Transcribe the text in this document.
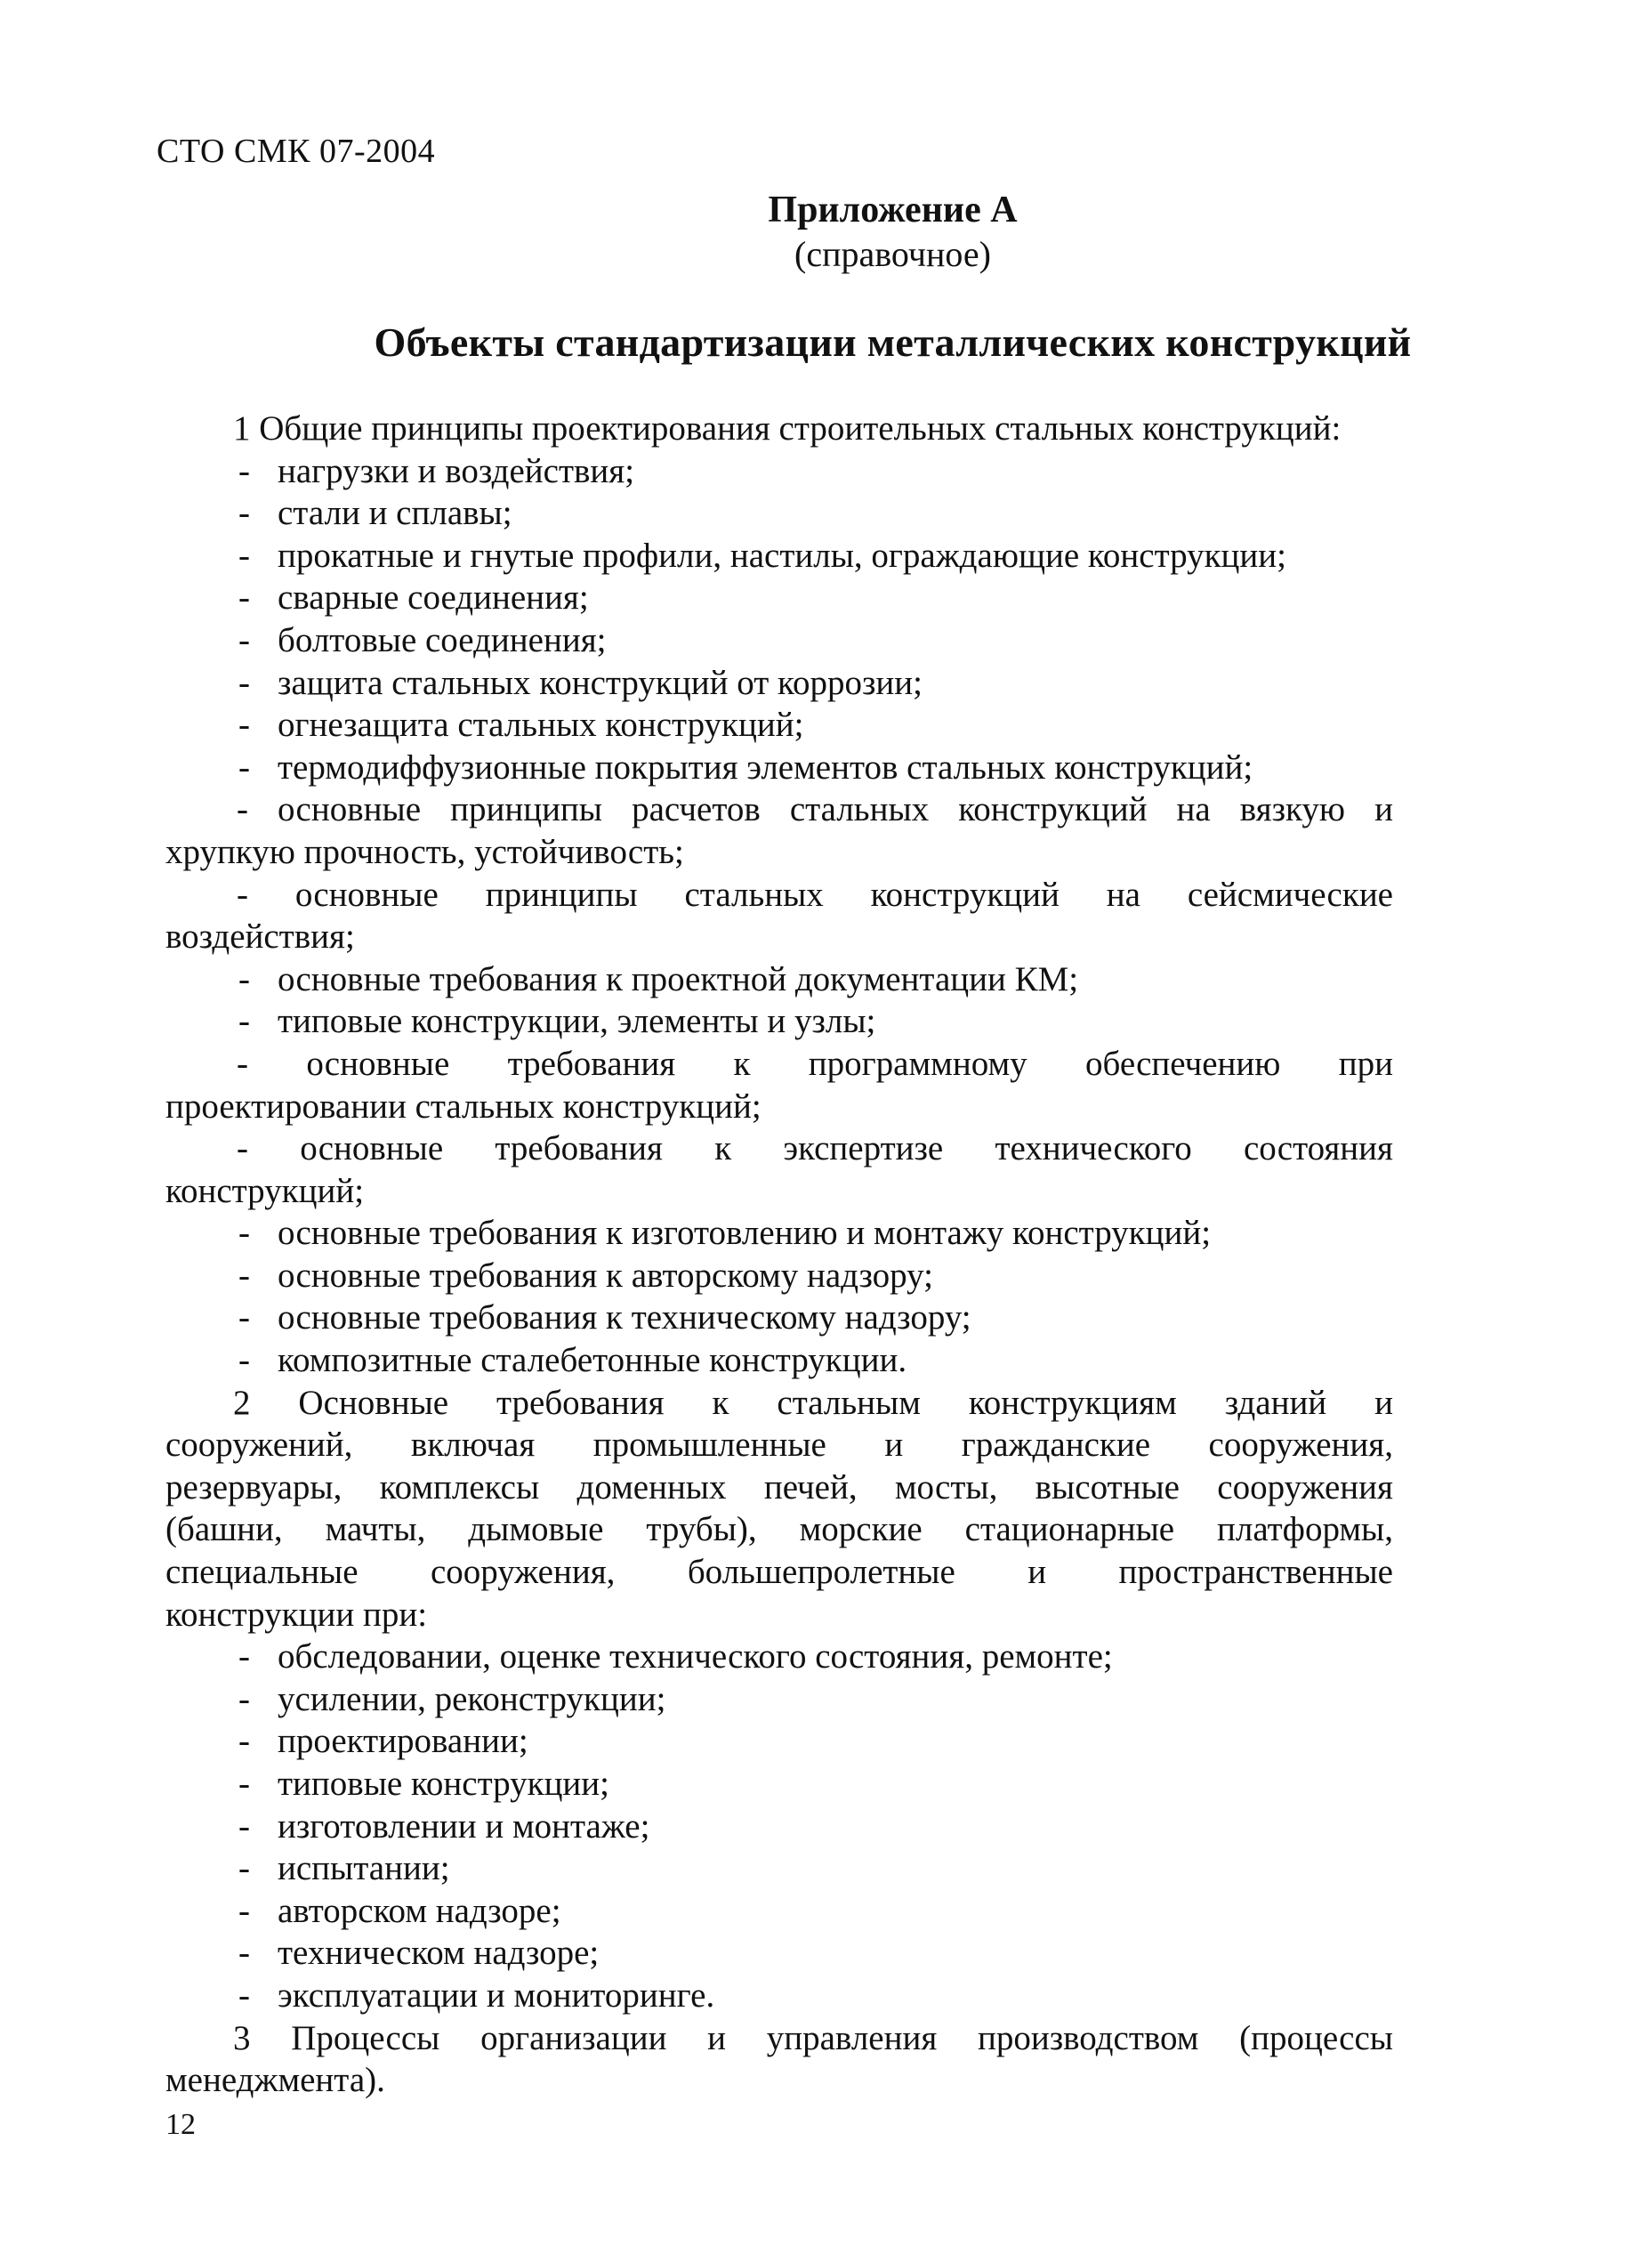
СТО СМК 07-2004
Приложение А
(справочное)
Объекты стандартизации металлических конструкций
1 Общие принципы проектирования строительных стальных конструкций:
- нагрузки и воздействия;
- стали и сплавы;
- прокатные и гнутые профили, настилы, ограждающие конструкции;
- сварные соединения;
- болтовые соединения;
- защита стальных конструкций от коррозии;
- огнезащита стальных конструкций;
- термодиффузионные покрытия элементов стальных конструкций;
- основные принципы расчетов стальных конструкций на вязкую и
хрупкую прочность, устойчивость;
- основные принципы стальных конструкций на сейсмические
воздействия;
- основные требования к проектной документации КМ;
- типовые конструкции, элементы и узлы;
- основные требования к программному обеспечению при
проектировании стальных конструкций;
- основные требования к экспертизе технического состояния
конструкций;
- основные требования к изготовлению и монтажу конструкций;
- основные требования к авторскому надзору;
- основные требования к техническому надзору;
- композитные сталебетонные конструкции.
2 Основные требования к стальным конструкциям зданий и
сооружений, включая промышленные и гражданские сооружения,
резервуары, комплексы доменных печей, мосты, высотные сооружения
(башни, мачты, дымовые трубы), морские стационарные платформы,
специальные сооружения, большепролетные и пространственные
конструкции при:
- обследовании, оценке технического состояния, ремонте;
- усилении, реконструкции;
- проектировании;
- типовые конструкции;
- изготовлении и монтаже;
- испытании;
- авторском надзоре;
- техническом надзоре;
- эксплуатации и мониторинге.
3 Процессы организации и управления производством (процессы
менеджмента).
12
